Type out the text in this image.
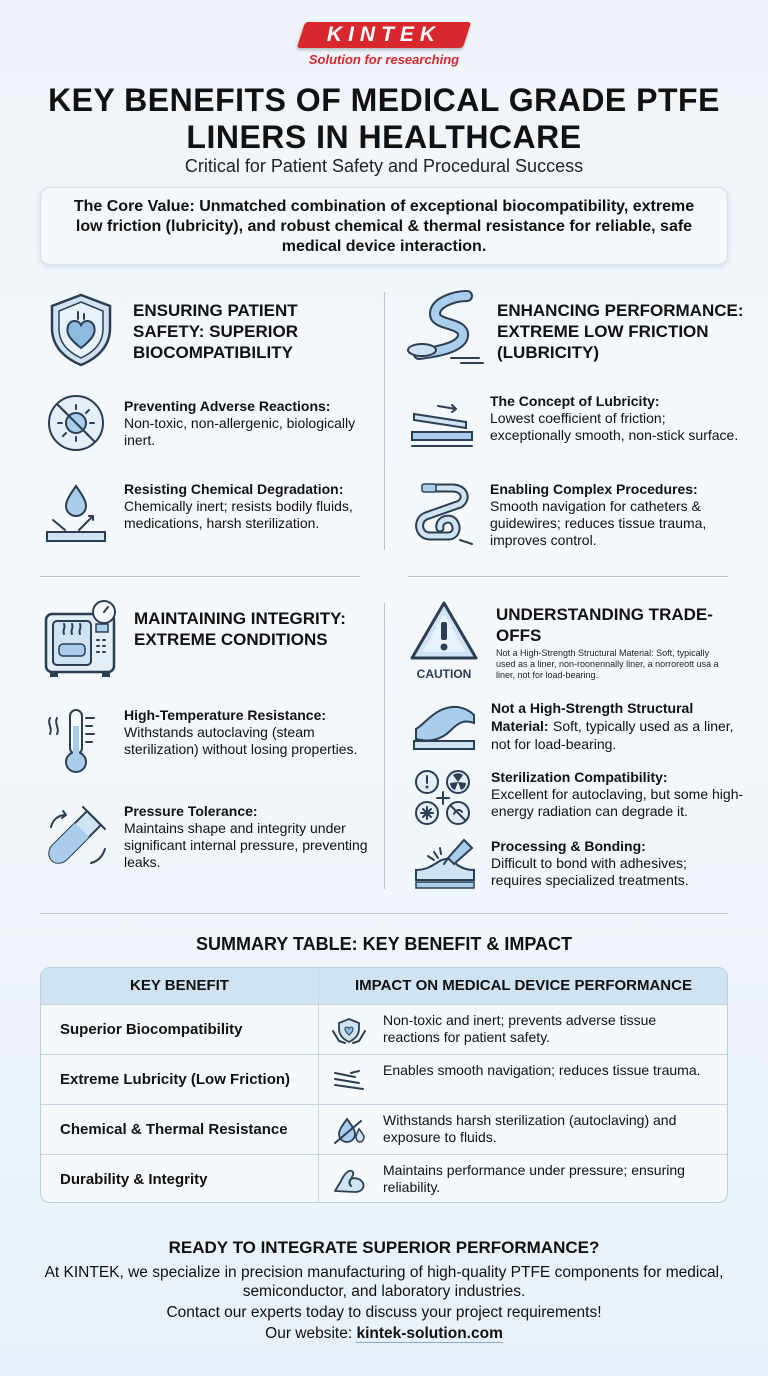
KINTEK
Solution for researching
KEY BENEFITS OF MEDICAL GRADE PTFE LINERS IN HEALTHCARE
Critical for Patient Safety and Procedural Success
The Core Value: Unmatched combination of exceptional biocompatibility, extreme low friction (lubricity), and robust chemical & thermal resistance for reliable, safe medical device interaction.
ENSURING PATIENT SAFETY: SUPERIOR BIOCOMPATIBILITY
Preventing Adverse Reactions:
Non-toxic, non-allergenic, biologically inert.
Resisting Chemical Degradation:
Chemically inert; resists bodily fluids, medications, harsh sterilization.
ENHANCING PERFORMANCE: EXTREME LOW FRICTION (LUBRICITY)
The Concept of Lubricity:
Lowest coefficient of friction; exceptionally smooth, non-stick surface.
Enabling Complex Procedures:
Smooth navigation for catheters & guidewires; reduces tissue trauma, improves control.
MAINTAINING INTEGRITY: EXTREME CONDITIONS
High-Temperature Resistance:
Withstands autoclaving (steam sterilization) without losing properties.
Pressure Tolerance:
Maintains shape and integrity under significant internal pressure, preventing leaks.
CAUTION
UNDERSTANDING TRADE-OFFS
Not a High-Strength Structural Material: Soft, typically used as a liner, non-roonennally liner, a norroreott usa a liner, not for load-bearing.
Not a High-Strength Structural Material: Soft, typically used as a liner, not for load-bearing.
Sterilization Compatibility:
Excellent for autoclaving, but some high-energy radiation can degrade it.
Processing & Bonding:
Difficult to bond with adhesives; requires specialized treatments.
SUMMARY TABLE: KEY BENEFIT & IMPACT
KEY BENEFIT	IMPACT ON MEDICAL DEVICE PERFORMANCE
Superior Biocompatibility
Non-toxic and inert; prevents adverse tissue reactions for patient safety.
Extreme Lubricity (Low Friction)
Enables smooth navigation; reduces tissue trauma.
Chemical & Thermal Resistance
Withstands harsh sterilization (autoclaving) and exposure to fluids.
Durability & Integrity
Maintains performance under pressure; ensuring reliability.
READY TO INTEGRATE SUPERIOR PERFORMANCE?
At KINTEK, we specialize in precision manufacturing of high-quality PTFE components for medical, semiconductor, and laboratory industries.
Contact our experts today to discuss your project requirements!
Our website: kintek-solution.com
